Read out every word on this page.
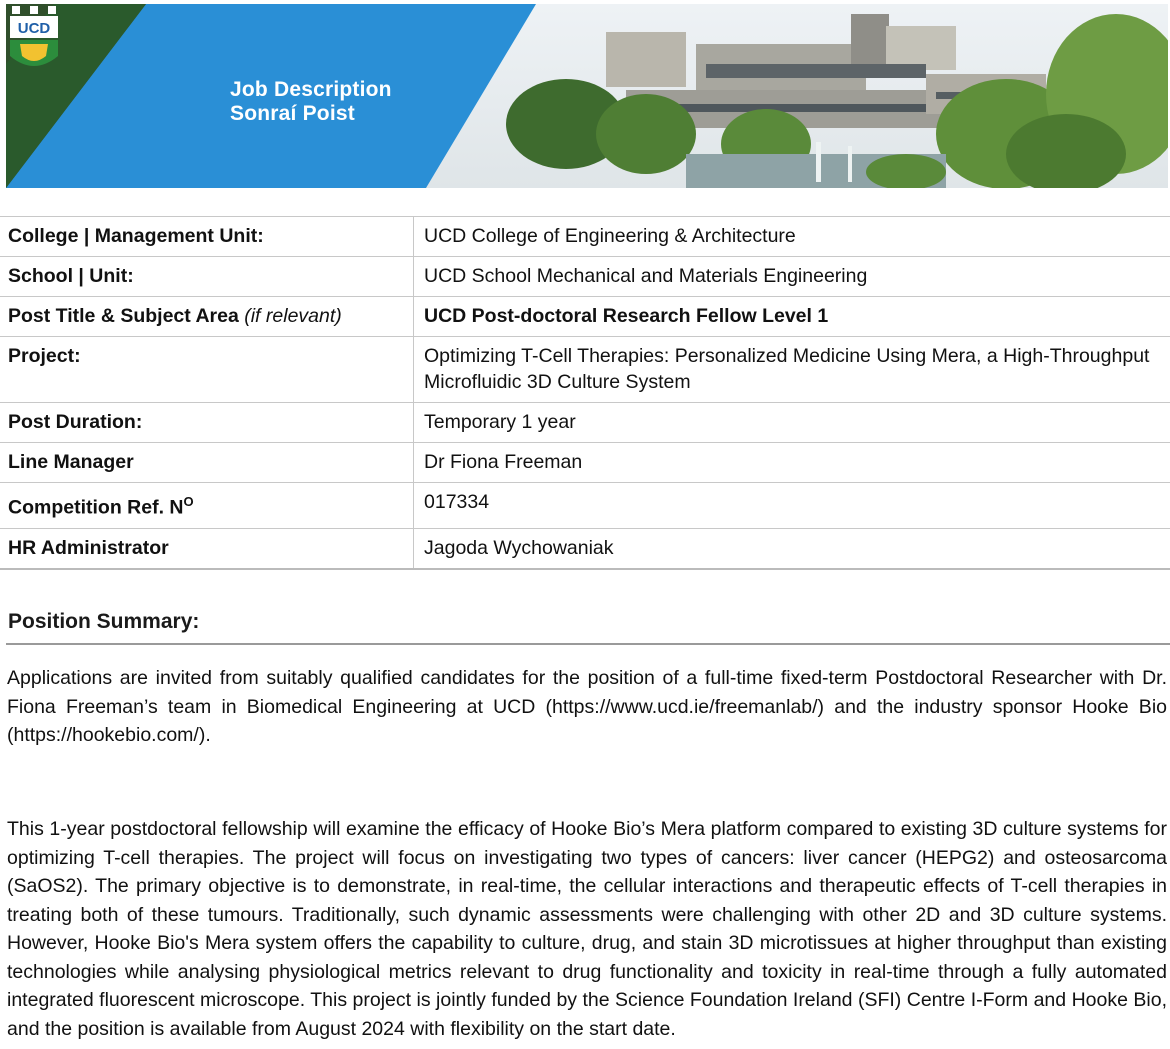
UCD
Job Description
Sonraí Poist
College | Management Unit:	UCD College of Engineering & Architecture
School | Unit:	UCD School Mechanical and Materials Engineering
Post Title & Subject Area (if relevant)	UCD Post-doctoral Research Fellow Level 1
Project:	Optimizing T-Cell Therapies: Personalized Medicine Using Mera, a High-Throughput Microfluidic 3D Culture System
Post Duration:	Temporary 1 year
Line Manager	Dr Fiona Freeman
Competition Ref. $N^O$	017334
HR Administrator	Jagoda Wychowaniak
Position Summary:
Applications are invited from suitably qualified candidates for the position of a full-time fixed-term Postdoctoral Researcher with Dr. Fiona Freeman’s team in Biomedical Engineering at UCD (https://www.ucd.ie/freemanlab/) and the industry sponsor Hooke Bio (https://hookebio.com/).
This 1-year postdoctoral fellowship will examine the efficacy of Hooke Bio’s Mera platform compared to existing 3D culture systems for optimizing T-cell therapies. The project will focus on investigating two types of cancers: liver cancer (HEPG2) and osteosarcoma (SaOS2). The primary objective is to demonstrate, in real-time, the cellular interactions and therapeutic effects of T-cell therapies in treating both of these tumours. Traditionally, such dynamic assessments were challenging with other 2D and 3D culture systems. However, Hooke Bio's Mera system offers the capability to culture, drug, and stain 3D microtissues at higher throughput than existing technologies while analysing physiological metrics relevant to drug functionality and toxicity in real-time through a fully automated integrated fluorescent microscope. This project is jointly funded by the Science Foundation Ireland (SFI) Centre I-Form and Hooke Bio, and the position is available from August 2024 with flexibility on the start date.
